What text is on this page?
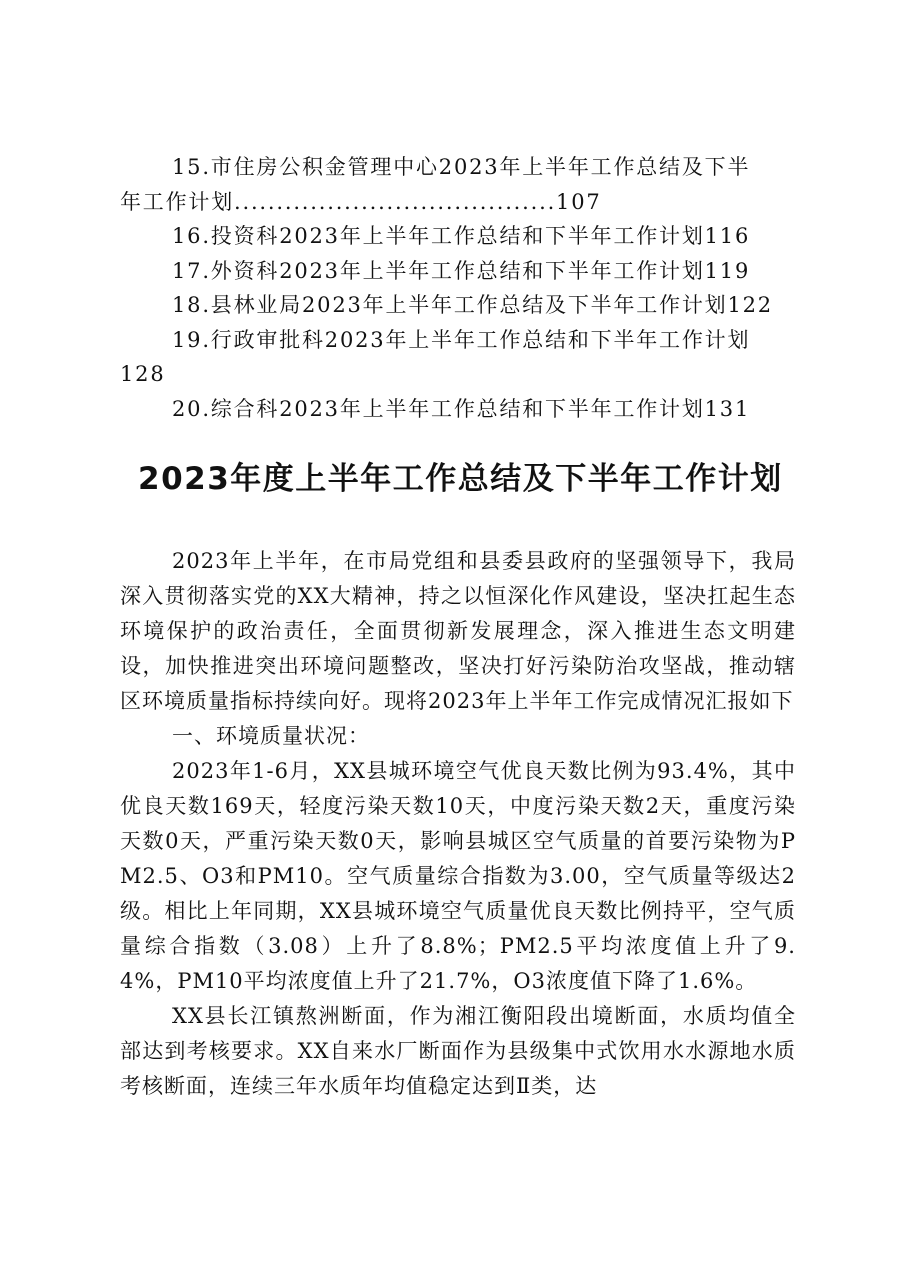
15.市住房公积金管理中心2023年上半年工作总结及下半
年工作计划......................................107
16.投资科2023年上半年工作总结和下半年工作计划116
17.外资科2023年上半年工作总结和下半年工作计划119
18.县林业局2023年上半年工作总结及下半年工作计划122
19.行政审批科2023年上半年工作总结和下半年工作计划
128
20.综合科2023年上半年工作总结和下半年工作计划131
2023年度上半年工作总结及下半年工作计划

2023年上半年，在市局党组和县委县政府的坚强领导下，我局深入贯彻落实党的XX大精神，持之以恒深化作风建设，坚决扛起生态环境保护的政治责任，全面贯彻新发展理念，深入推进生态文明建设，加快推进突出环境问题整改，坚决打好污染防治攻坚战，推动辖区环境质量指标持续向好。现将2023年上半年工作完成情况汇报如下

一、环境质量状况：

2023年1-6月，XX县城环境空气优良天数比例为93.4%，其中优良天数169天，轻度污染天数10天，中度污染天数2天，重度污染天数0天，严重污染天数0天，影响县城区空气质量的首要污染物为PM2.5、O3和PM10。空气质量综合指数为3.00，空气质量等级达2级。相比上年同期，XX县城环境空气质量优良天数比例持平，空气质量综合指数（3.08）上升了8.8%；PM2.5平均浓度值上升了9.4%，PM10平均浓度值上升了21.7%，O3浓度值下降了1.6%。

XX县长江镇熬洲断面，作为湘江衡阳段出境断面，水质均值全部达到考核要求。XX自来水厂断面作为县级集中式饮用水水源地水质考核断面，连续三年水质年均值稳定达到Ⅱ类，达
